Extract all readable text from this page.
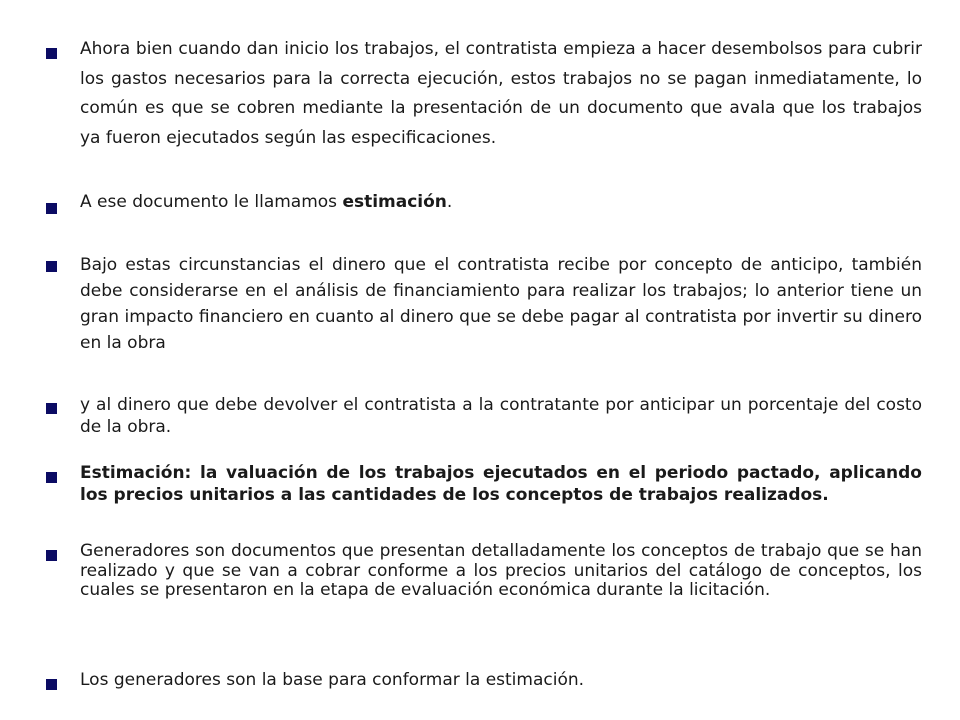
Ahora bien cuando dan inicio los trabajos, el contratista empieza a hacer desembolsos para cubrir los gastos necesarios para la correcta ejecución, estos trabajos no se pagan inmediatamente, lo común es que se cobren mediante la presentación de un documento que avala que los trabajos ya fueron ejecutados según las especificaciones.
A ese documento le llamamos estimación.
Bajo estas circunstancias el dinero que el contratista recibe por concepto de anticipo, también debe considerarse en el análisis de financiamiento para realizar los trabajos; lo anterior tiene un gran impacto financiero en cuanto al dinero que se debe pagar al contratista por invertir su dinero en la obra
y al dinero que debe devolver el contratista a la contratante por anticipar un porcentaje del costo de la obra.
Estimación: la valuación de los trabajos ejecutados en el periodo pactado, aplicando los precios unitarios a las cantidades de los conceptos de trabajos realizados.
Generadores son documentos que presentan detalladamente los conceptos de trabajo que se han realizado y que se van a cobrar conforme a los precios unitarios del catálogo de conceptos, los cuales se presentaron en la etapa de evaluación económica durante la licitación.
Los generadores son la base para conformar la estimación.
